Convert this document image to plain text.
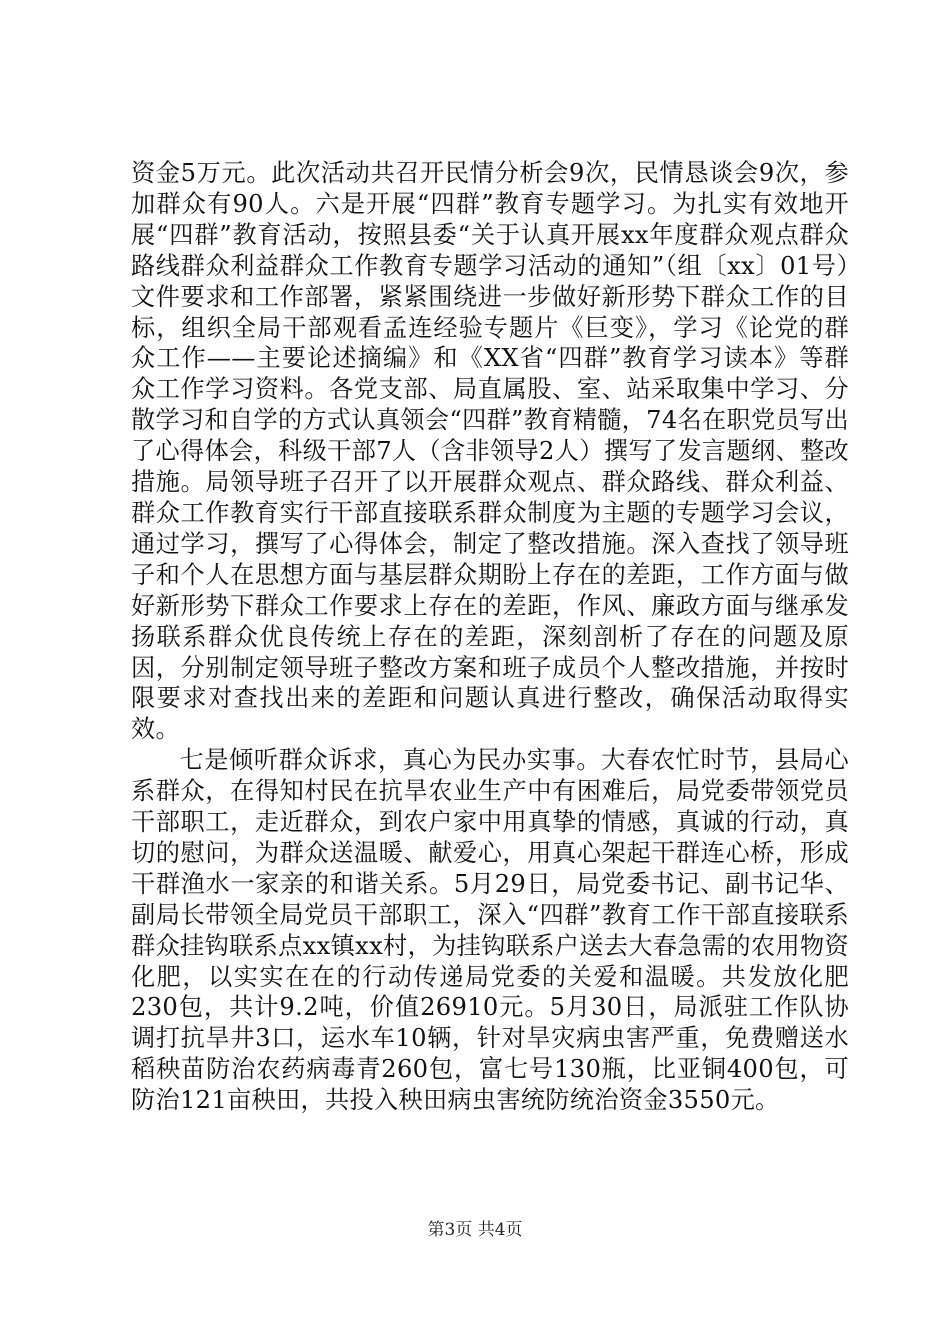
资金5万元。此次活动共召开民情分析会9次，民情恳谈会9次，参加群众有90人。六是开展“四群”教育专题学习。为扎实有效地开展“四群”教育活动，按照县委“关于认真开展xx年度群众观点群众路线群众利益群众工作教育专题学习活动的通知”（组〔xx〕01号）文件要求和工作部署，紧紧围绕进一步做好新形势下群众工作的目标，组织全局干部观看孟连经验专题片《巨变》，学习《论党的群众工作——主要论述摘编》和《XX省“四群”教育学习读本》等群众工作学习资料。各党支部、局直属股、室、站采取集中学习、分散学习和自学的方式认真领会“四群”教育精髓，74名在职党员写出了心得体会，科级干部7人（含非领导2人）撰写了发言题纲、整改措施。局领导班子召开了以开展群众观点、群众路线、群众利益、群众工作教育实行干部直接联系群众制度为主题的专题学习会议，通过学习，撰写了心得体会，制定了整改措施。深入查找了领导班子和个人在思想方面与基层群众期盼上存在的差距，工作方面与做好新形势下群众工作要求上存在的差距，作风、廉政方面与继承发扬联系群众优良传统上存在的差距，深刻剖析了存在的问题及原因，分别制定领导班子整改方案和班子成员个人整改措施，并按时限要求对查找出来的差距和问题认真进行整改，确保活动取得实效。

七是倾听群众诉求，真心为民办实事。大春农忙时节，县局心系群众，在得知村民在抗旱农业生产中有困难后，局党委带领党员干部职工，走近群众，到农户家中用真挚的情感，真诚的行动，真切的慰问，为群众送温暖、献爱心，用真心架起干群连心桥，形成干群渔水一家亲的和谐关系。5月29日，局党委书记、副书记华、副局长带领全局党员干部职工，深入“四群”教育工作干部直接联系群众挂钩联系点xx镇xx村，为挂钩联系户送去大春急需的农用物资化肥，以实实在在的行动传递局党委的关爱和温暖。共发放化肥230包，共计9.2吨，价值26910元。5月30日，局派驻工作队协调打抗旱井3口，运水车10辆，针对旱灾病虫害严重，免费赠送水稻秧苗防治农药病毒青260包，富七号130瓶，比亚铜400包，可防治121亩秧田，共投入秧田病虫害统防统治资金3550元。

第3页 共4页
